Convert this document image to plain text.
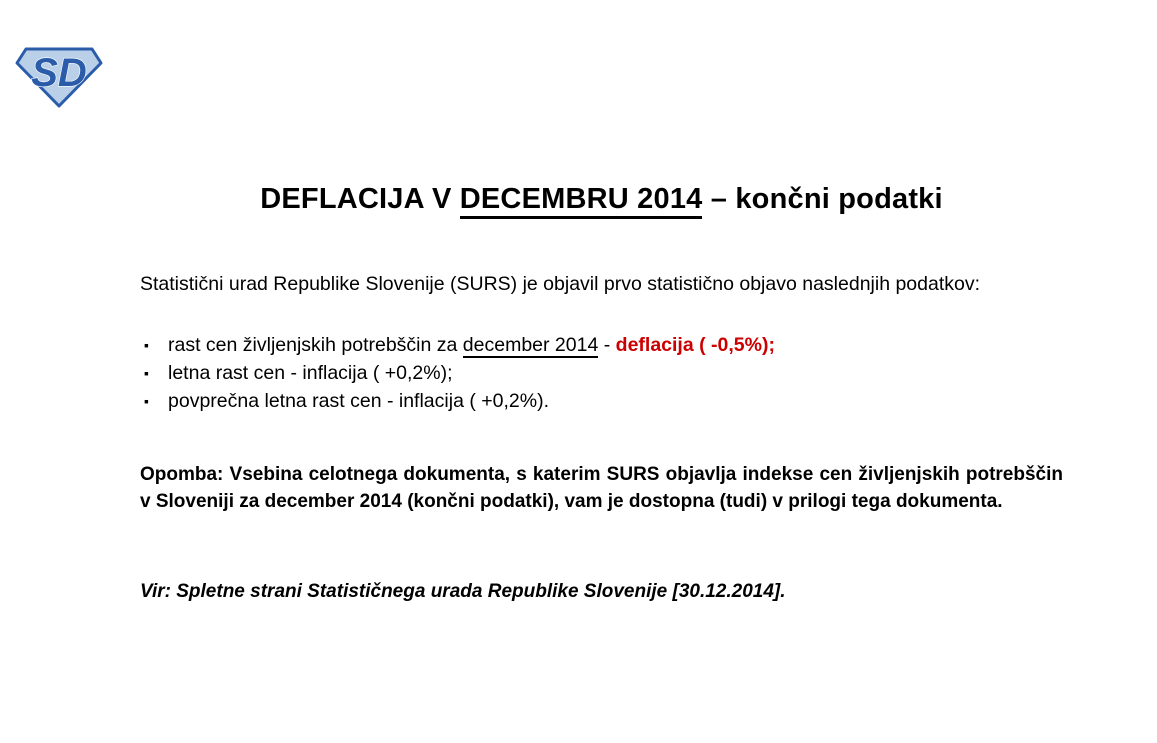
SD
DEFLACIJA V DECEMBRU 2014 – končni podatki

Statistični urad Republike Slovenije (SURS) je objavil prvo statistično objavo naslednjih podatkov:

▪ rast cen življenjskih potrebščin za december 2014 - deflacija ( -0,5%);
▪ letna rast cen - inflacija ( +0,2%);
▪ povprečna letna rast cen - inflacija ( +0,2%).

Opomba: Vsebina celotnega dokumenta, s katerim SURS objavlja indekse cen življenjskih potrebščin v Sloveniji za december 2014 (končni podatki), vam je dostopna (tudi) v prilogi tega dokumenta.

Vir: Spletne strani Statističnega urada Republike Slovenije [30.12.2014].
